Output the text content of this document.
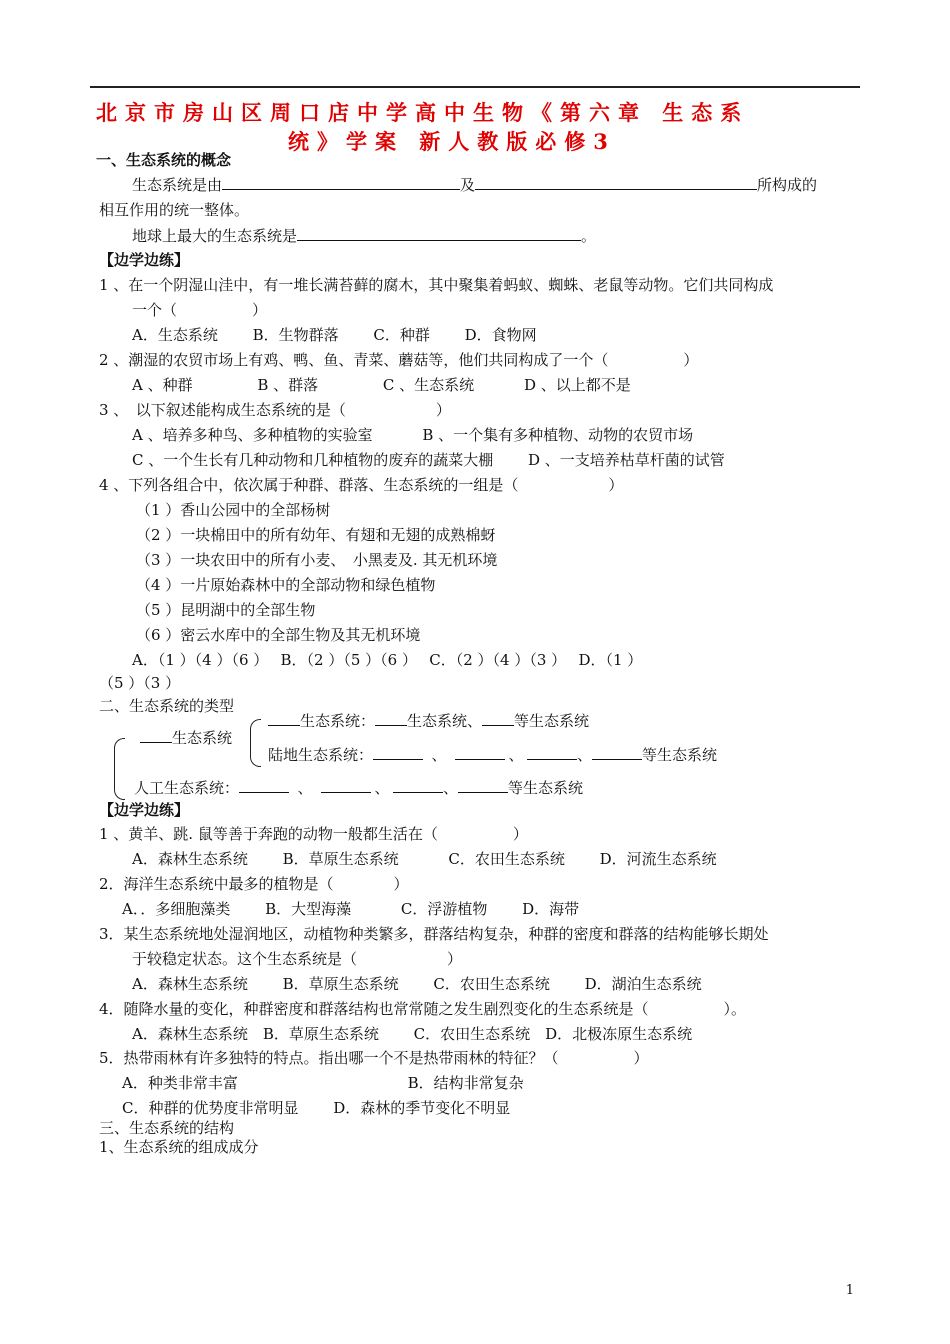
北京市房山区周口店中学高中生物《第六章 生态系
统》学案 新人教版必修3
一、生态系统的概念
生态系统是由	及	所构成的
相互作用的统一整体。
地球上最大的生态系统是	。
【边学边练】
1 、在一个阴湿山洼中，有一堆长满苔藓的腐木，其中聚集着蚂蚁、蜘蛛、老鼠等动物。它们共同构成
一个（　　　　　）
A．生态系统　　 B．生物群落　　 C．种群　　 D．食物网
2 、潮湿的农贸市场上有鸡、鸭、鱼、青菜、蘑菇等，他们共同构成了一个（　　　　　）
A 、种群　　　　 B 、群落　　　　 C 、生态系统　　　 D 、以上都不是
3 、　以下叙述能构成生态系统的是（　　　　　　）
A 、培养多种鸟、多种植物的实验室　　　 B 、一个集有多种植物、动物的农贸市场
C 、一个生长有几种动物和几种植物的废弃的蔬菜大棚　　 D 、一支培养枯草杆菌的试管
4 、下列各组合中，依次属于种群、群落、生态系统的一组是（　　　　　　）
（1 ）香山公园中的全部杨树
（2 ）一块棉田中的所有幼年、有翅和无翅的成熟棉蚜
（3 ）一块农田中的所有小麦、　小黑麦及. 其无机环境
（4 ）一片原始森林中的全部动物和绿色植物
（5 ）昆明湖中的全部生物
（6 ）密云水库中的全部生物及其无机环境
A．（1 ）（4 ）（6 ）　 B．（2 ）（5 ）（6 ）　 C．（2 ）（4 ）（3 ）　 D．（1 ）
（5 ）（3 ）
二、生态系统的类型
生态系统
生态系统： 生态系统、 等生态系统
陆地生态系统：	、	、	、	等生态系统
人工生态系统：	、	、	、	等生态系统
【边学边练】
1 、黄羊、跳. 鼠等善于奔跑的动物一般都生活在（　　　　　）
A．森林生态系统　　 B．草原生态系统　　　 C．农田生态系统　　 D．河流生态系统
2．海洋生态系统中最多的植物是（　　　　）
A．．多细胞藻类　　 B．大型海藻　　　 C．浮游植物　　 D．海带
3．某生态系统地处湿润地区，动植物种类繁多，群落结构复杂，种群的密度和群落的结构能够长期处
于较稳定状态。这个生态系统是（　　　　　　）
A．森林生态系统　　 B．草原生态系统　　 C．农田生态系统　　 D．湖泊生态系统
4．随降水量的变化，种群密度和群落结构也常常随之发生剧烈变化的生态系统是（　　　　　）。
A．森林生态系统　B．草原生态系统　　 C．农田生态系统　D．北极冻原生态系统
5．热带雨林有许多独特的特点。指出哪一个不是热带雨林的特征？（　　　　　）
A．种类非常丰富　　　　　　　　　　　 B．结构非常复杂
C．种群的优势度非常明显　　 D．森林的季节变化不明显
三、生态系统的结构
1、生态系统的组成成分
1
